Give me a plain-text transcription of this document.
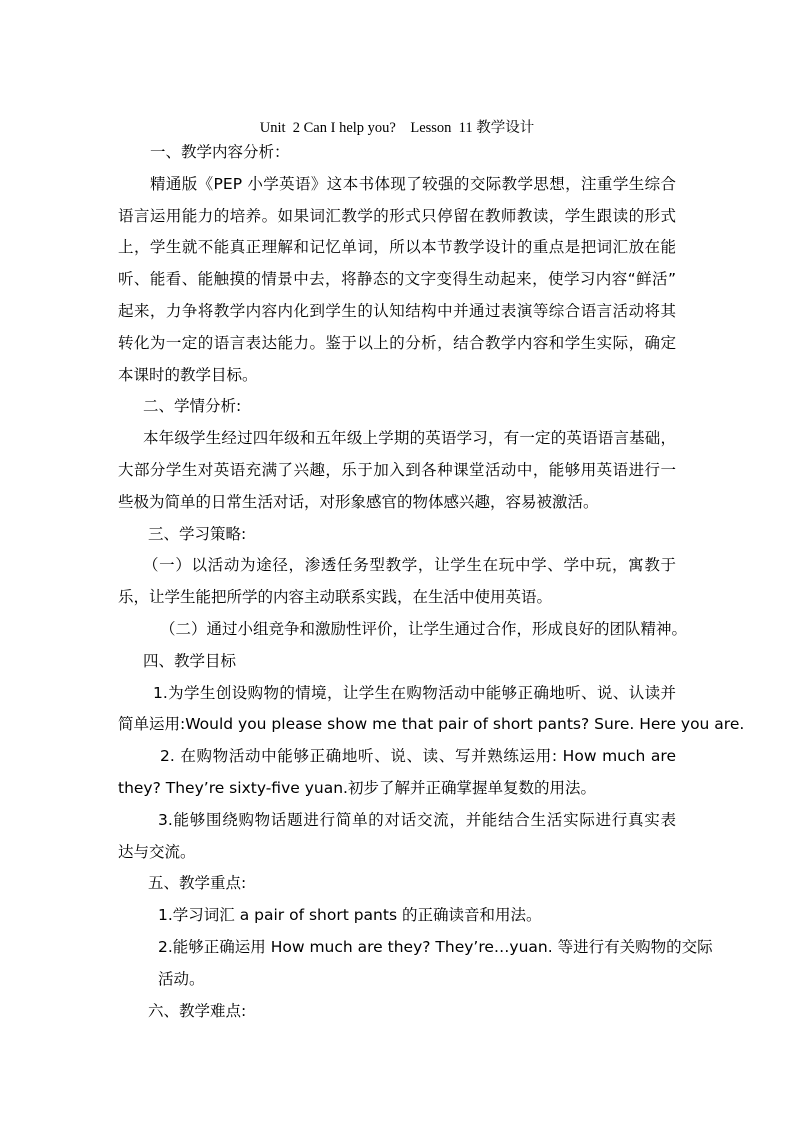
Unit  2 Can I help you?    Lesson  11 教学设计
一、教学内容分析：
精通版《PEP 小学英语》这本书体现了较强的交际教学思想，注重学生综合
语言运用能力的培养。如果词汇教学的形式只停留在教师教读，学生跟读的形式
上，学生就不能真正理解和记忆单词，所以本节教学设计的重点是把词汇放在能
听、能看、能触摸的情景中去，将静态的文字变得生动起来，使学习内容“鲜活”
起来，力争将教学内容内化到学生的认知结构中并通过表演等综合语言活动将其
转化为一定的语言表达能力。鉴于以上的分析，结合教学内容和学生实际，确定
本课时的教学目标。
二、学情分析:
本年级学生经过四年级和五年级上学期的英语学习，有一定的英语语言基础，
大部分学生对英语充满了兴趣，乐于加入到各种课堂活动中，能够用英语进行一
些极为简单的日常生活对话，对形象感官的物体感兴趣，容易被激活。
三、学习策略:
（一）以活动为途径，渗透任务型教学，让学生在玩中学、学中玩，寓教于
乐，让学生能把所学的内容主动联系实践，在生活中使用英语。
（二）通过小组竞争和激励性评价，让学生通过合作，形成良好的团队精神。
四、教学目标
1.为学生创设购物的情境，让学生在购物活动中能够正确地听、说、认读并
简单运用:Would you please show me that pair of short pants? Sure. Here you are.
2. 在购物活动中能够正确地听、说、读、写并熟练运用: How much are
they? They’re sixty-five yuan.初步了解并正确掌握单复数的用法。
3.能够围绕购物话题进行简单的对话交流，并能结合生活实际进行真实表
达与交流。
五、教学重点:
1.学习词汇 a pair of short pants 的正确读音和用法。
2.能够正确运用 How much are they? They’re…yuan. 等进行有关购物的交际
活动。
六、教学难点:
